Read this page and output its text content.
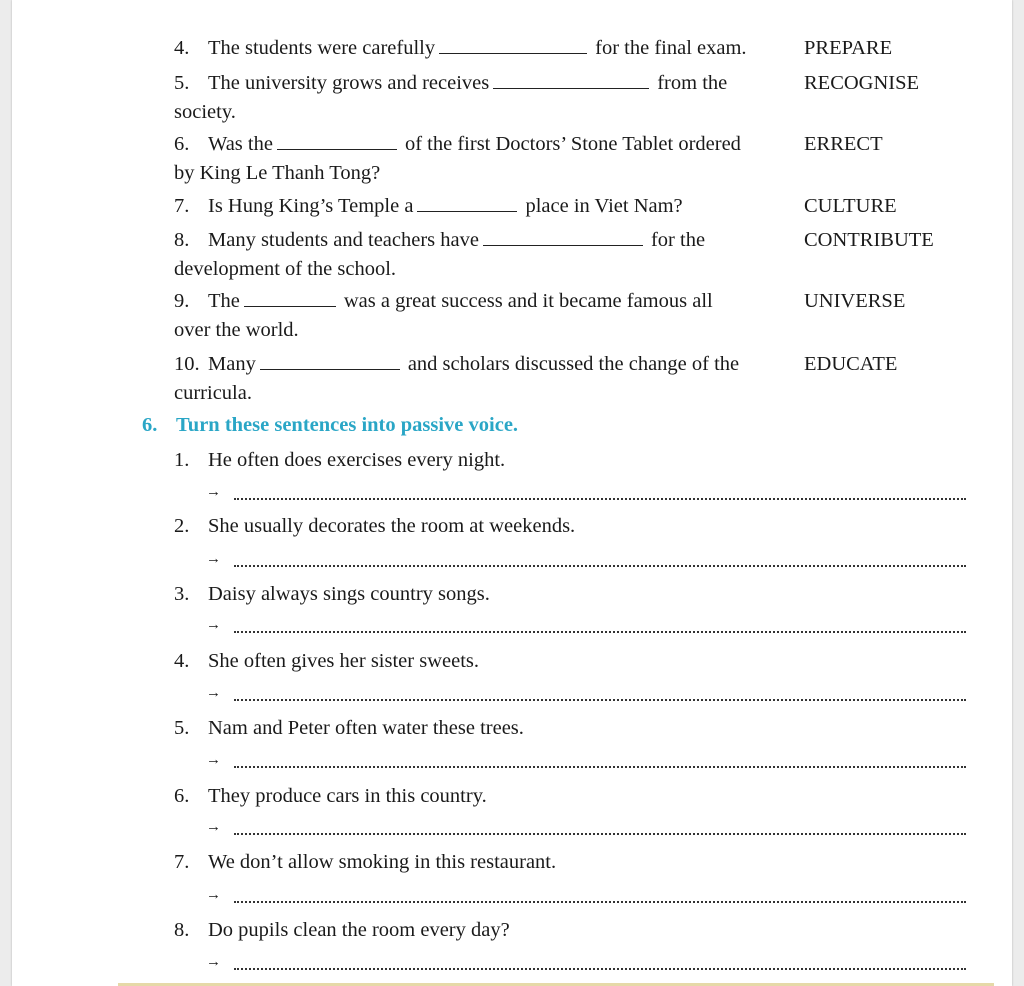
4. The students were carefully	for the final exam.	PREPARE
5. The university grows and receives	from the
society.
RECOGNISE
6. Was the	of the first Doctors’ Stone Tablet ordered
by King Le Thanh Tong?
ERRECT
7. Is Hung King’s Temple a	place in Viet Nam?	CULTURE
8. Many students and teachers have	for the
development of the school.
CONTRIBUTE
9. The	was a great success and it became famous all
over the world.
UNIVERSE
10. Many	and scholars discussed the change of the
curricula.
EDUCATE
6. Turn these sentences into passive voice.
1. He often does exercises every night.
→
2. She usually decorates the room at weekends.
→
3. Daisy always sings country songs.
→
4. She often gives her sister sweets.
→
5. Nam and Peter often water these trees.
→
6. They produce cars in this country.
→
7. We don’t allow smoking in this restaurant.
→
8. Do pupils clean the room every day?
→
